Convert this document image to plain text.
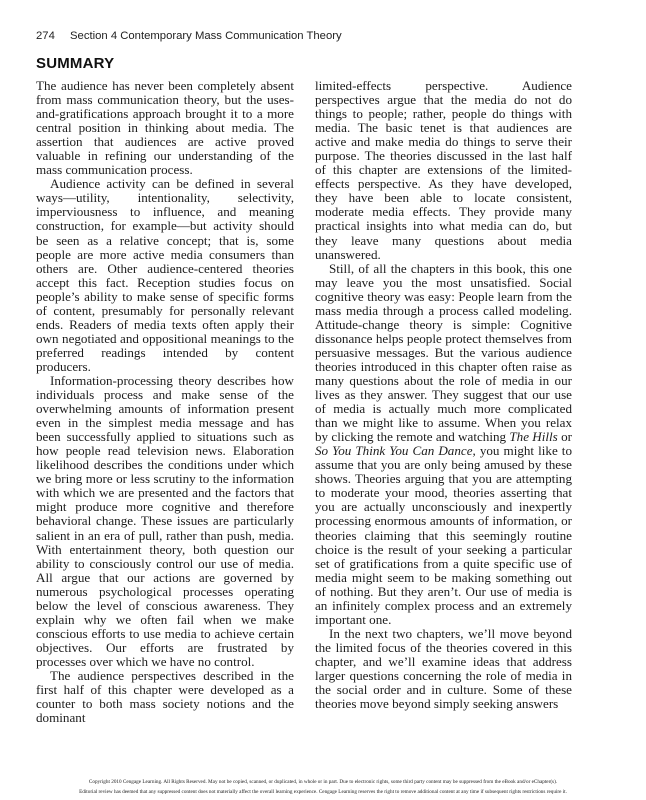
274 Section 4 Contemporary Mass Communication Theory
SUMMARY

The audience has never been completely absent from mass communication theory, but the uses-and-gratifications approach brought it to a more central position in thinking about media. The assertion that audiences are active proved valuable in refining our understanding of the mass communication process.

Audience activity can be defined in several ways—utility, intentionality, selectivity, imperviousness to influence, and meaning construction, for example—but activity should be seen as a relative concept; that is, some people are more active media consumers than others are. Other audience-centered theories accept this fact. Reception studies focus on people’s ability to make sense of specific forms of content, presumably for personally relevant ends. Readers of media texts often apply their own negotiated and oppositional meanings to the preferred readings intended by content producers.

Information-processing theory describes how individuals process and make sense of the overwhelming amounts of information present even in the simplest media message and has been successfully applied to situations such as how people read television news. Elaboration likelihood describes the conditions under which we bring more or less scrutiny to the information with which we are presented and the factors that might produce more cognitive and therefore behavioral change. These issues are particularly salient in an era of pull, rather than push, media. With entertainment theory, both question our ability to consciously control our use of media. All argue that our actions are governed by numerous psychological processes operating below the level of conscious awareness. They explain why we often fail when we make conscious efforts to use media to achieve certain objectives. Our efforts are frustrated by processes over which we have no control.

The audience perspectives described in the first half of this chapter were developed as a counter to both mass society notions and the dominant

limited-effects perspective. Audience perspectives argue that the media do not do things to people; rather, people do things with media. The basic tenet is that audiences are active and make media do things to serve their purpose. The theories discussed in the last half of this chapter are extensions of the limited-effects perspective. As they have developed, they have been able to locate consistent, moderate media effects. They provide many practical insights into what media can do, but they leave many questions about media unanswered.

Still, of all the chapters in this book, this one may leave you the most unsatisfied. Social cognitive theory was easy: People learn from the mass media through a process called modeling. Attitude-change theory is simple: Cognitive dissonance helps people protect themselves from persuasive messages. But the various audience theories introduced in this chapter often raise as many questions about the role of media in our lives as they answer. They suggest that our use of media is actually much more complicated than we might like to assume. When you relax by clicking the remote and watching The Hills or So You Think You Can Dance, you might like to assume that you are only being amused by these shows. Theories arguing that you are attempting to moderate your mood, theories asserting that you are actually unconsciously and inexpertly processing enormous amounts of information, or theories claiming that this seemingly routine choice is the result of your seeking a particular set of gratifications from a quite specific use of media might seem to be making something out of nothing. But they aren’t. Our use of media is an infinitely complex process and an extremely important one.

In the next two chapters, we’ll move beyond the limited focus of the theories covered in this chapter, and we’ll examine ideas that address larger questions concerning the role of media in the social order and in culture. Some of these theories move beyond simply seeking answers

Copyright 2010 Cengage Learning. All Rights Reserved. May not be copied, scanned, or duplicated, in whole or in part. Due to electronic rights, some third party content may be suppressed from the eBook and/or eChapter(s).
Editorial review has deemed that any suppressed content does not materially affect the overall learning experience. Cengage Learning reserves the right to remove additional content at any time if subsequent rights restrictions require it.
